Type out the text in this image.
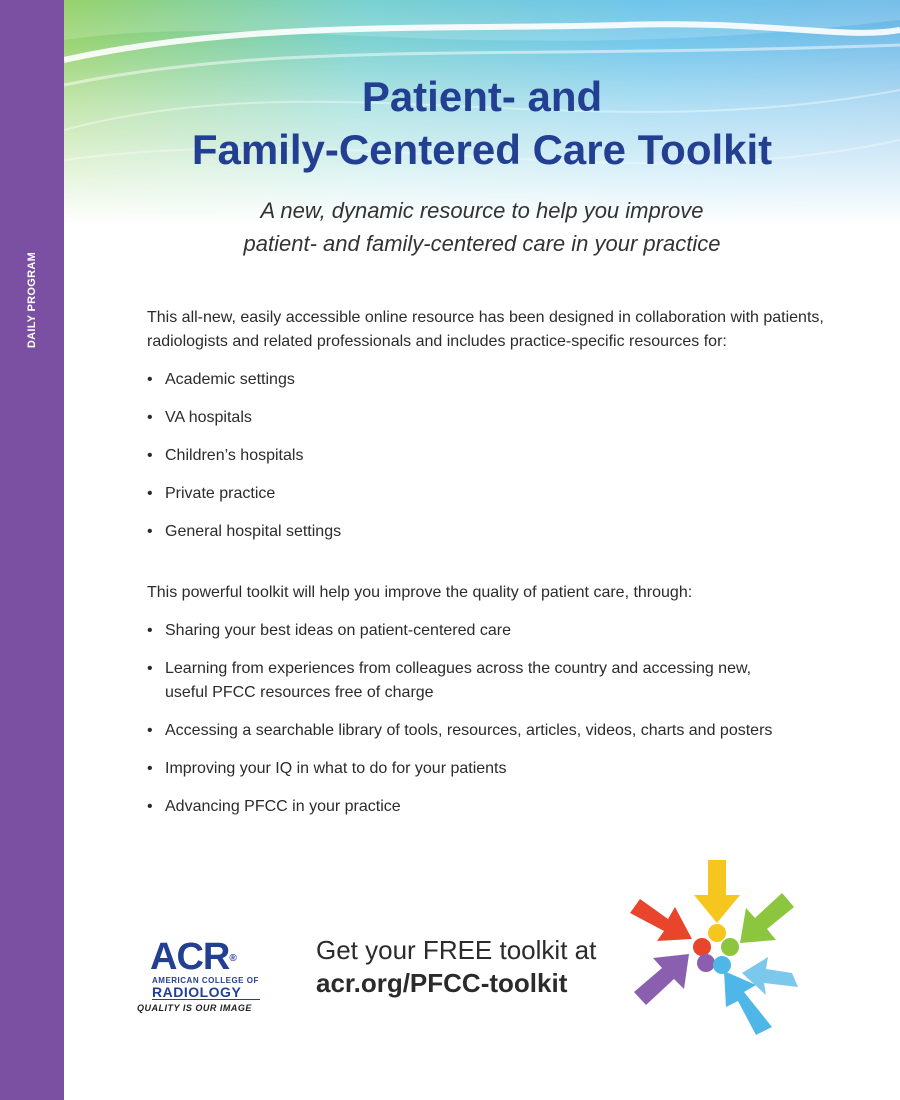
DAILY PROGRAM
Patient- and
Family-Centered Care Toolkit

A new, dynamic resource to help you improve
patient- and family-centered care in your practice

This all-new, easily accessible online resource has been designed in collaboration with patients, radiologists and related professionals and includes practice-specific resources for:

• Academic settings
• VA hospitals
• Children’s hospitals
• Private practice
• General hospital settings

This powerful toolkit will help you improve the quality of patient care, through:

• Sharing your best ideas on patient-centered care
• Learning from experiences from colleagues across the country and accessing new, useful PFCC resources free of charge
• Accessing a searchable library of tools, resources, articles, videos, charts and posters
• Improving your IQ in what to do for your patients
• Advancing PFCC in your practice
ACR®
AMERICAN COLLEGE OF
RADIOLOGY
QUALITY IS OUR IMAGE
Get your FREE toolkit at
acr.org/PFCC-toolkit
